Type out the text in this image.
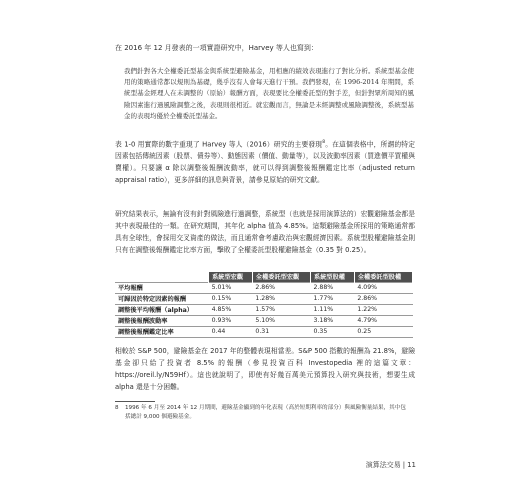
在 2016 年 12 月發表的一項實證研究中，Harvey 等人也寫到：

我們針對各大全權委託型基金與系統型避險基金，用相應的績效表現進行了對比分析。系統型基金使用的策略通常都以規則為基礎，幾乎沒有人會每天進行干預。我們發現，在 1996-2014 年期間，系統型基金經理人在未調整的（原始）報酬方面，表現要比全權委託型的對手差，但針對眾所周知的風險因素進行過風險調整之後，表現則很相近。就宏觀而言，無論是未經調整或風險調整後，系統型基金的表現均優於全權委託型基金。

表 1-0 用實際的數字重現了 Harvey 等人（2016）研究的主要發現$^8$。在這個表格中，所謂的特定因素包括傳統因素（股票、債券等）、動態因素（價值、動量等），以及波動率因素（買進價平買權與賣權）。只要讓 α 除以調整後報酬波動率，就可以得到調整後報酬鑑定比率（adjusted return appraisal ratio），更多詳細的訊息與背景，請參見原始的研究文獻。

研究結果表示，無論有沒有針對風險進行過調整，系統型（也就是採用演算法的）宏觀避險基金都是其中表現最佳的一類。在研究期間，其年化 alpha 值為 4.85%。這類避險基金所採用的策略通常都具有全球性，會採用交叉資產的做法，而且通常會考慮政治與宏觀經濟因素。系統型股權避險基金則只有在調整後報酬鑑定比率方面，擊敗了全權委託型股權避險基金（0.35 對 0.25）。

	系統型宏觀	全權委託型宏觀	系統型股權	全權委託型股權
平均報酬	5.01%	2.86%	2.88%	4.09%
可歸因於特定因素的報酬	0.15%	1.28%	1.77%	2.86%
調整後平均報酬（alpha）	4.85%	1.57%	1.11%	1.22%
調整後報酬波動率	0.93%	5.10%	3.18%	4.79%
調整後報酬鑑定比率	0.44	0.31	0.35	0.25

相較於 S&P 500，避險基金在 2017 年的整體表現相當差。S&P 500 指數的報酬為 21.8%，避險基金卻只給了投資者 8.5% 的報酬（參見投資百科 Investopedia 裡的這篇文章：https://oreil.ly/N59Hf）。這也就說明了，即使有好幾百萬美元預算投入研究與技術，想要生成 alpha 還是十分困難。

8 1996 年 6 月至 2014 年 12 月期間，避險基金顯到的年化表現（高於短期利率的部分）與風險衡量結果，其中包括總計 9,000 個避險基金。
演算法交易 | 11
